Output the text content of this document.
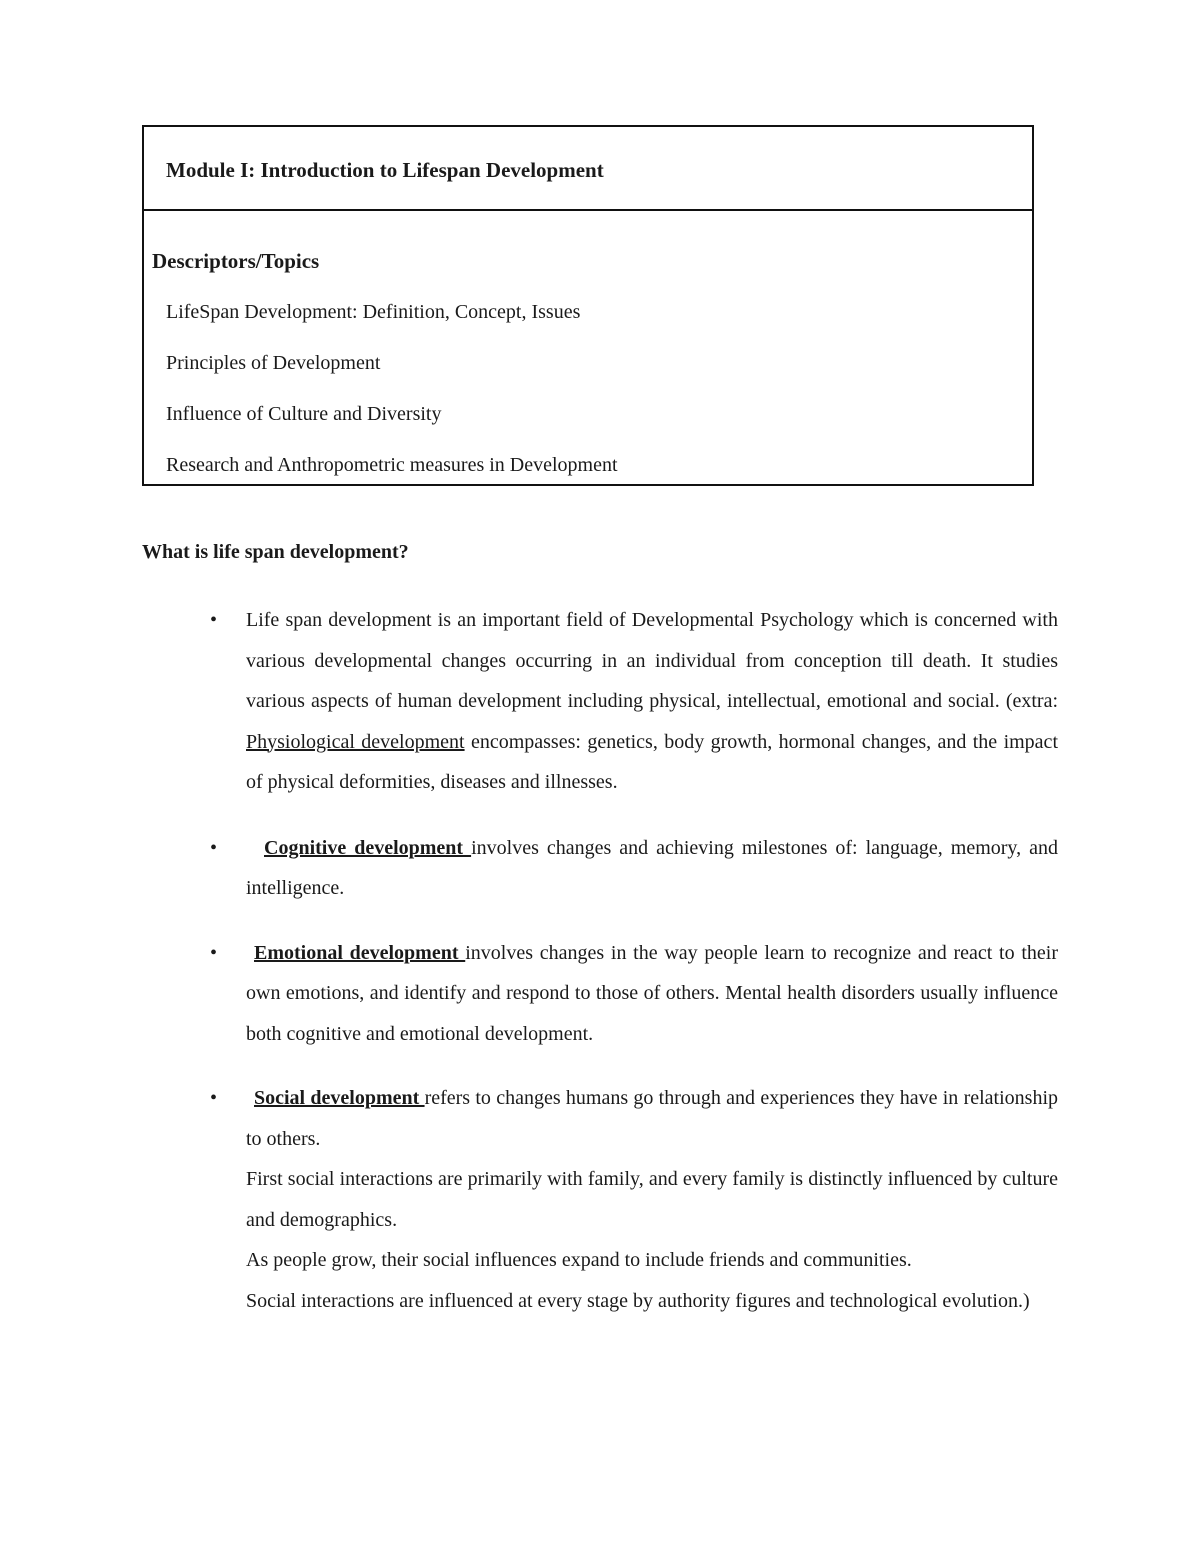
Module I: Introduction to Lifespan Development
Descriptors/Topics
LifeSpan Development: Definition, Concept, Issues
Principles of Development
Influence of Culture and Diversity
Research and Anthropometric measures in Development
What is life span development?
• Life span development is an important field of Developmental Psychology which is concerned with various developmental changes occurring in an individual from conception till death. It studies various aspects of human development including physical, intellectual, emotional and social. (extra: Physiological development encompasses: genetics, body growth, hormonal changes, and the impact of physical deformities, diseases and illnesses.
• Cognitive development involves changes and achieving milestones of: language, memory, and intelligence.
• Emotional development involves changes in the way people learn to recognize and react to their own emotions, and identify and respond to those of others. Mental health disorders usually influence both cognitive and emotional development.
•	Social development refers to changes humans go through and experiences they have in relationship to others.
First social interactions are primarily with family, and every family is distinctly influenced by culture and demographics.
As people grow, their social influences expand to include friends and communities.
Social interactions are influenced at every stage by authority figures and technological evolution.)
